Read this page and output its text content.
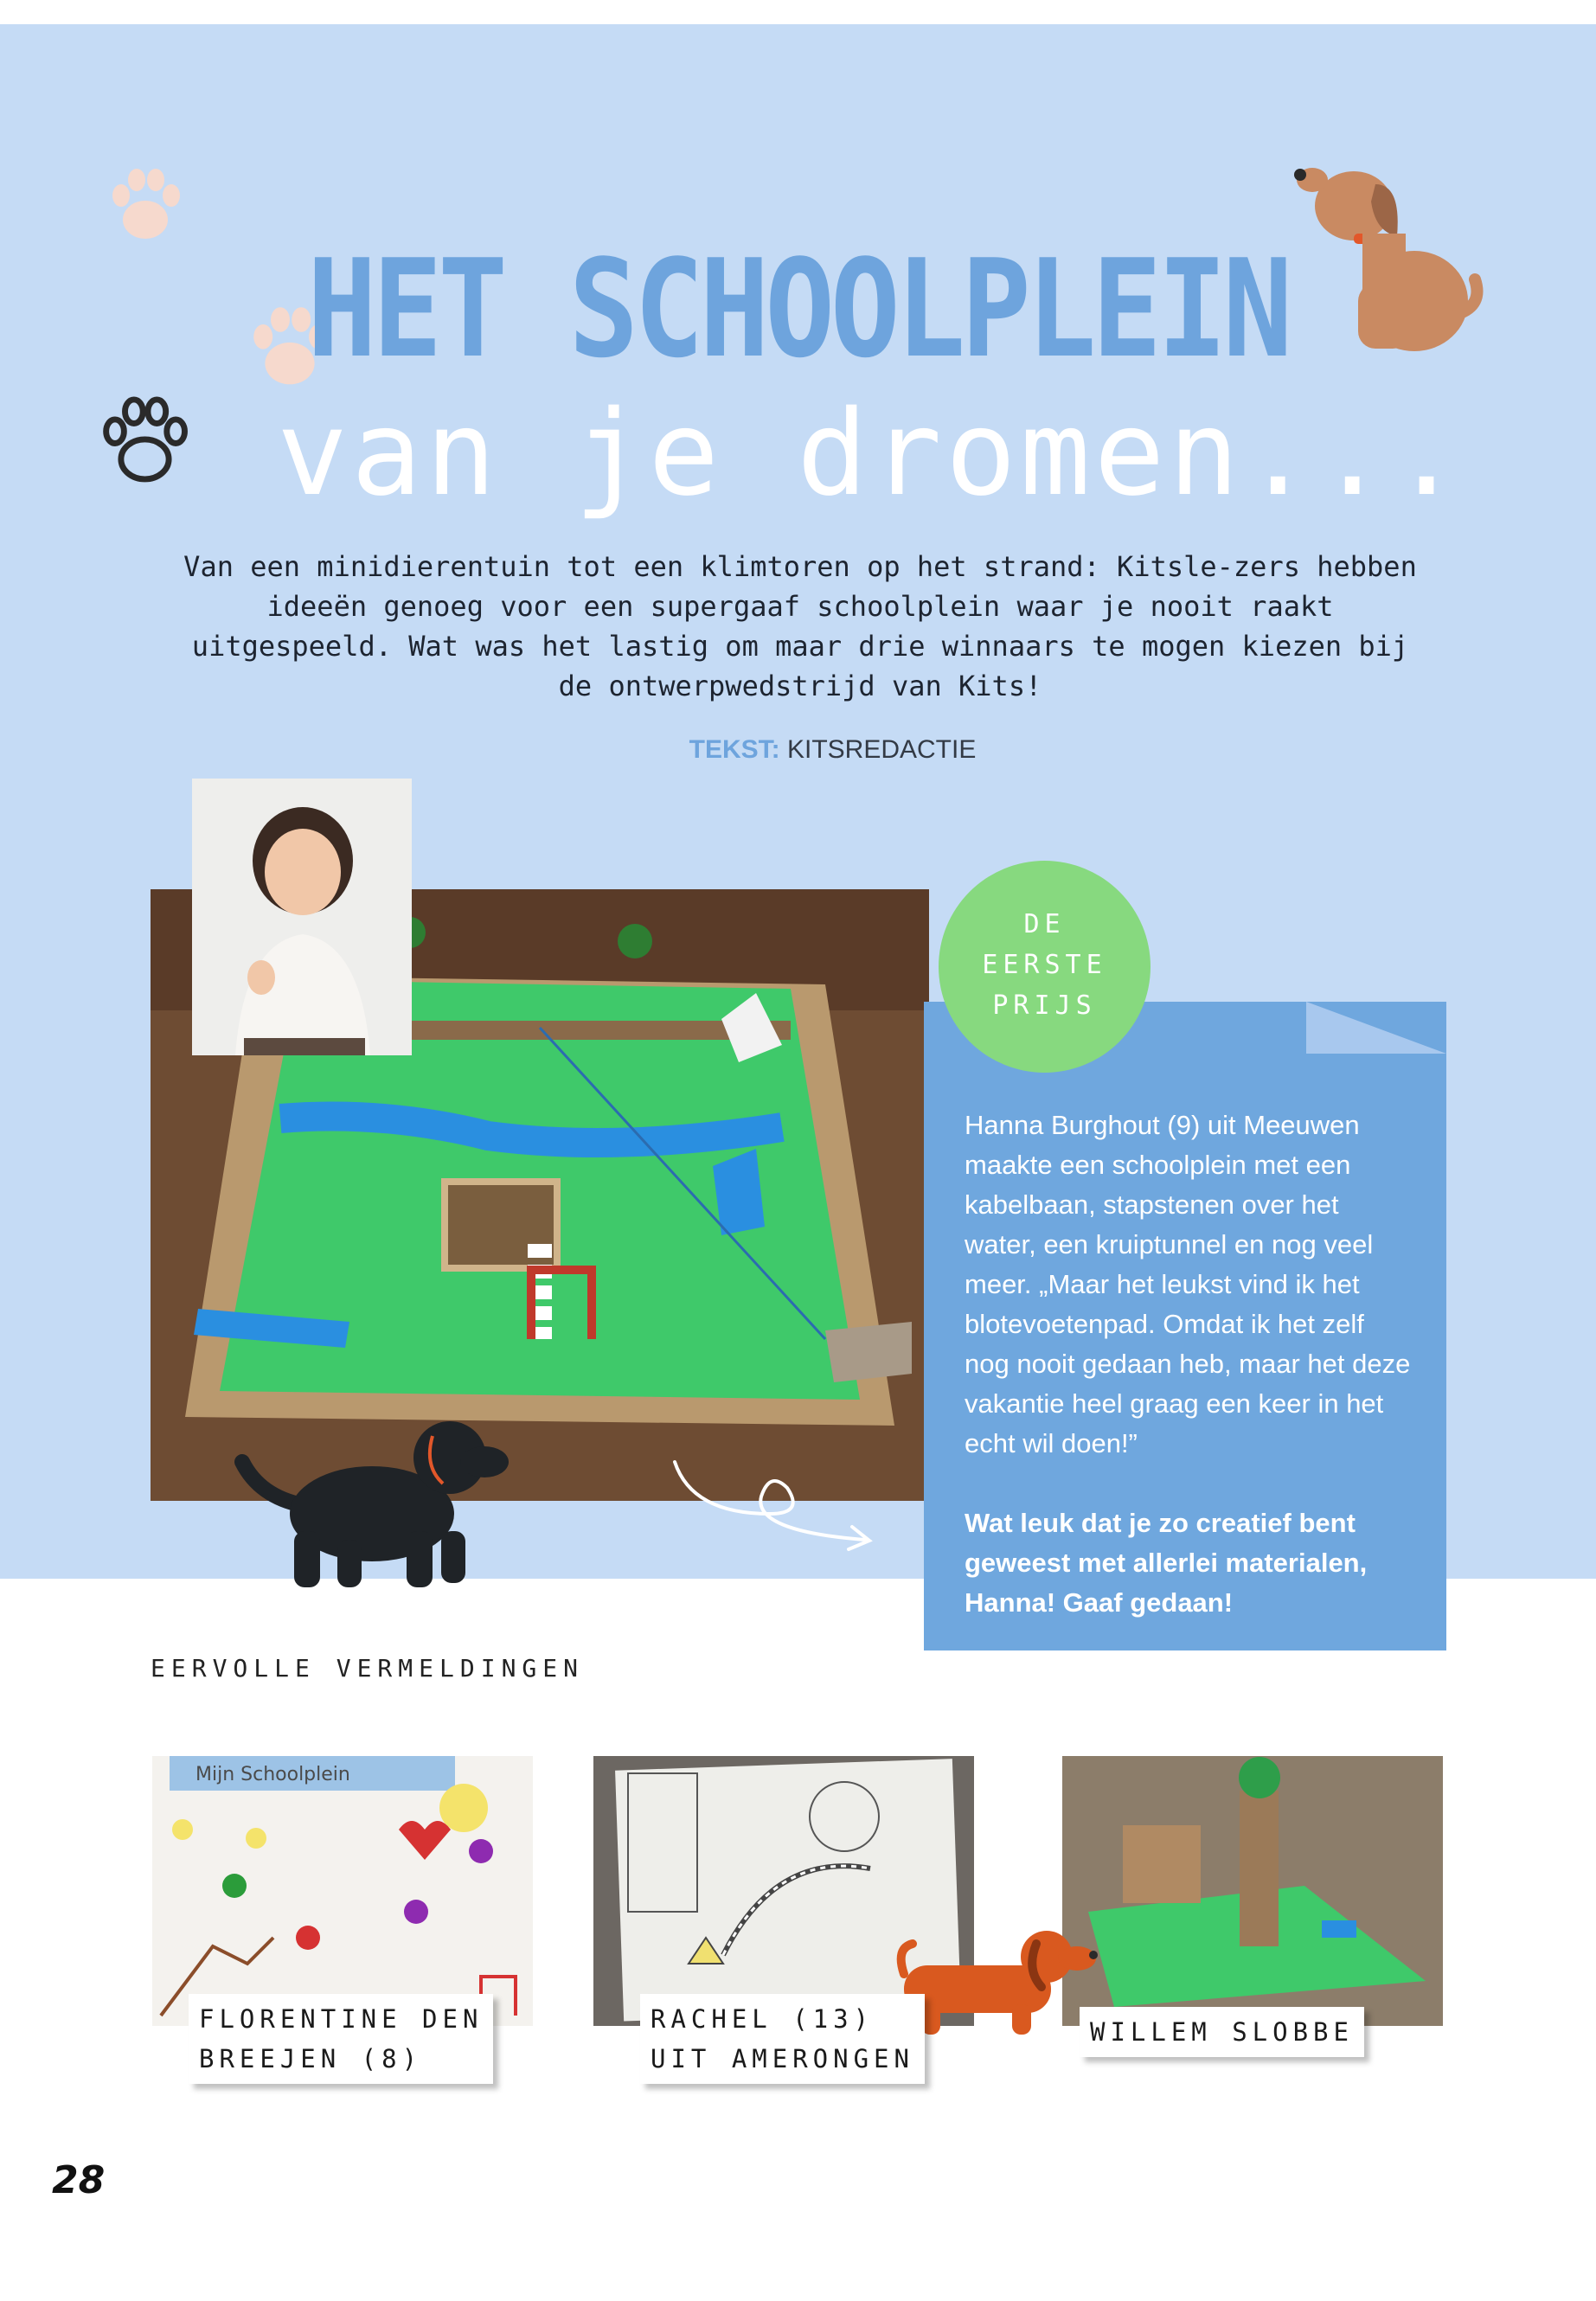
HET SCHOOLPLEIN
van je dromen...
Van een minidierentuin tot een klimtoren op het strand: Kitsle-zers hebben ideeën genoeg voor een supergaaf schoolplein waar je nooit raakt uitgespeeld. Wat was het lastig om maar drie winnaars te mogen kiezen bij de ontwerpwedstrijd van Kits!
TEKST: KITSREDACTIE
DE
EERSTE
PRIJS
Hanna Burghout (9) uit Meeuwen maakte een schoolplein met een kabelbaan, stapstenen over het water, een kruiptunnel en nog veel meer. „Maar het leukst vind ik het blotevoetenpad. Omdat ik het zelf nog nooit gedaan heb, maar het deze vakantie heel graag een keer in het echt wil doen!”
Wat leuk dat je zo creatief bent geweest met allerlei materialen, Hanna! Gaaf gedaan!
EERVOLLE VERMELDINGEN
Mijn Schoolplein
FLORENTINE DEN
BREEJEN (8)
RACHEL (13)
UIT AMERONGEN
WILLEM SLOBBE
28
